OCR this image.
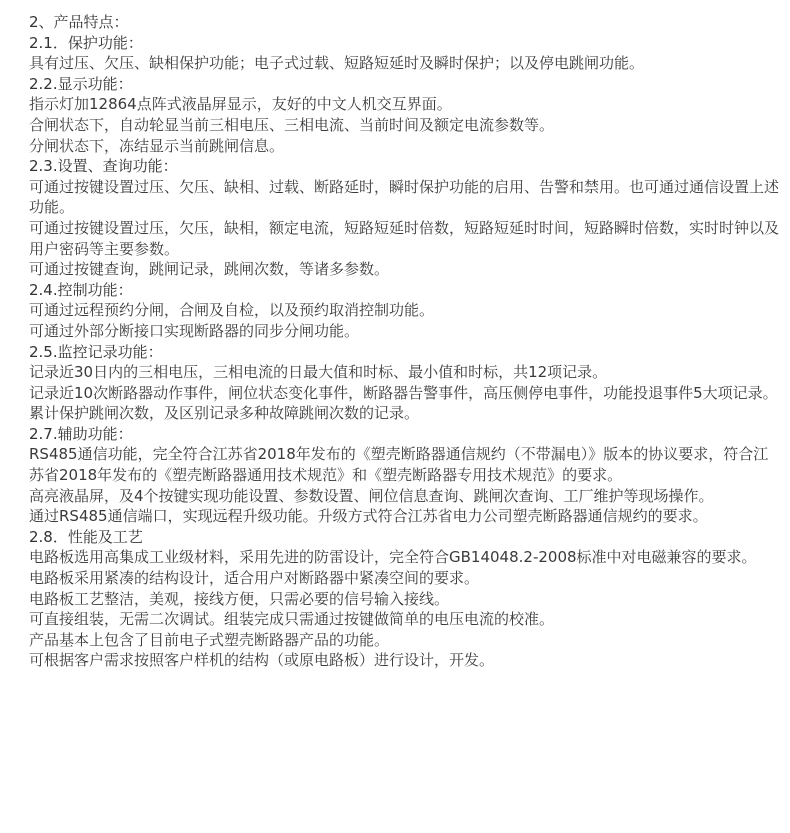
2、产品特点：
2.1．保护功能：
具有过压、欠压、缺相保护功能；电子式过载、短路短延时及瞬时保护；以及停电跳闸功能。
2.2.显示功能：
指示灯加12864点阵式液晶屏显示，友好的中文人机交互界面。
合闸状态下，自动轮显当前三相电压、三相电流、当前时间及额定电流参数等。
分闸状态下，冻结显示当前跳闸信息。
2.3.设置、查询功能：
可通过按键设置过压、欠压、缺相、过载、断路延时，瞬时保护功能的启用、告警和禁用。也可通过通信设置上述功能。
可通过按键设置过压，欠压，缺相，额定电流，短路短延时倍数，短路短延时时间，短路瞬时倍数，实时时钟以及用户密码等主要参数。
可通过按键查询，跳闸记录，跳闸次数，等诸多参数。
2.4.控制功能：
可通过远程预约分闸，合闸及自检，以及预约取消控制功能。
可通过外部分断接口实现断路器的同步分闸功能。
2.5.监控记录功能：
记录近30日内的三相电压，三相电流的日最大值和时标、最小值和时标，共12项记录。
记录近10次断路器动作事件，闸位状态变化事件，断路器告警事件，高压侧停电事件，功能投退事件5大项记录。
累计保护跳闸次数，及区别记录多种故障跳闸次数的记录。
2.7.辅助功能：
RS485通信功能，完全符合江苏省2018年发布的《塑壳断路器通信规约（不带漏电）》版本的协议要求，符合江苏省2018年发布的《塑壳断路器通用技术规范》和《塑壳断路器专用技术规范》的要求。
高亮液晶屏，及4个按键实现功能设置、参数设置、闸位信息查询、跳闸次查询、工厂维护等现场操作。
通过RS485通信端口，实现远程升级功能。升级方式符合江苏省电力公司塑壳断路器通信规约的要求。
2.8．性能及工艺
电路板选用高集成工业级材料，采用先进的防雷设计，完全符合GB14048.2-2008标准中对电磁兼容的要求。
电路板采用紧凑的结构设计，适合用户对断路器中紧凑空间的要求。
电路板工艺整洁，美观，接线方便，只需必要的信号输入接线。
可直接组装，无需二次调试。组装完成只需通过按键做简单的电压电流的校准。
产品基本上包含了目前电子式塑壳断路器产品的功能。
可根据客户需求按照客户样机的结构（或原电路板）进行设计，开发。
